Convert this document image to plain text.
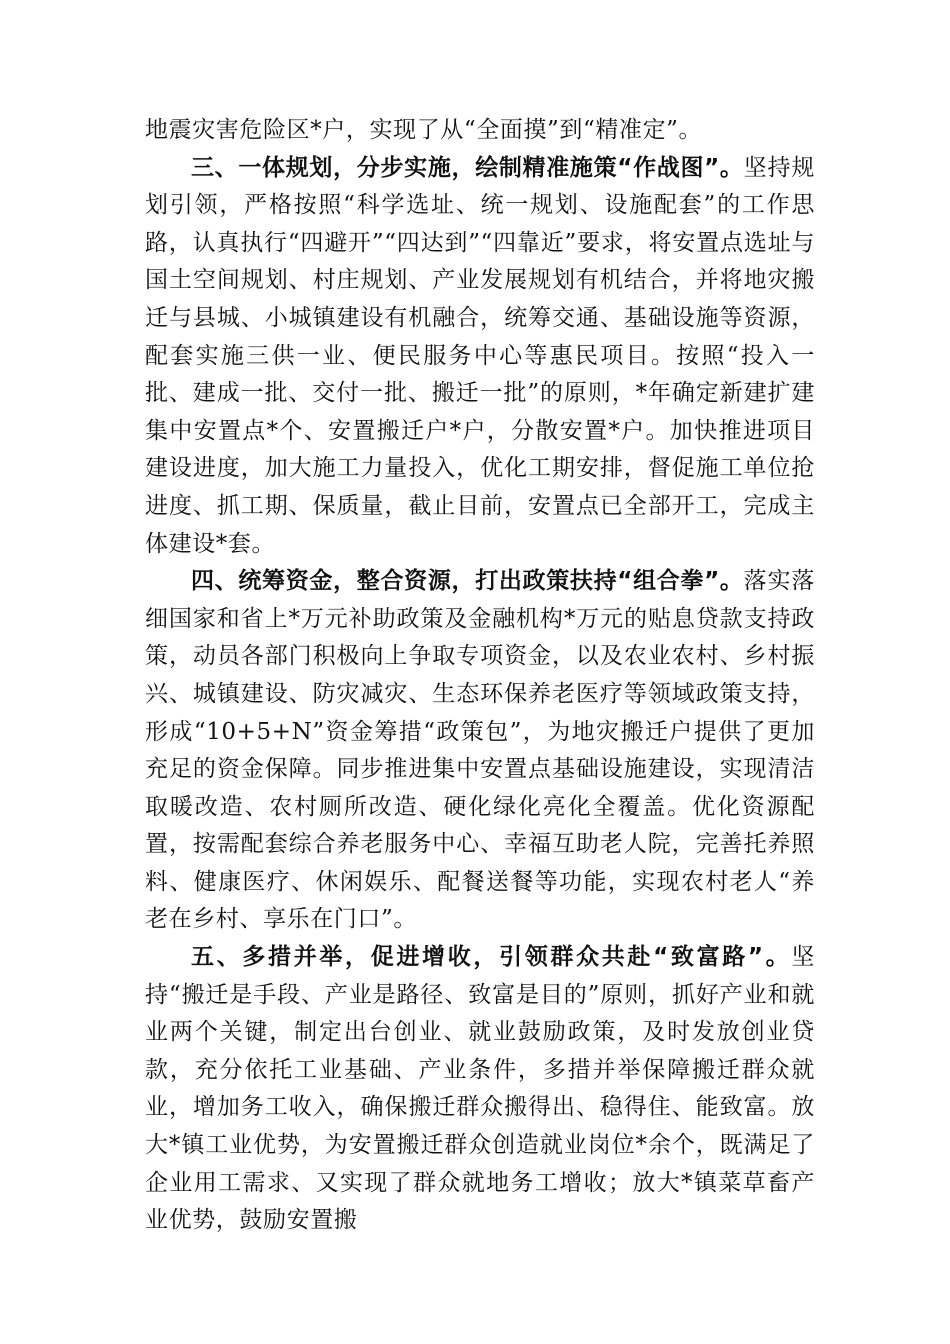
地震灾害危险区*户，实现了从“全面摸”到“精准定”。

三、一体规划，分步实施，绘制精准施策“作战图”。坚持规划引领，严格按照“科学选址、统一规划、设施配套”的工作思路，认真执行“四避开”“四达到”“四靠近”要求，将安置点选址与国土空间规划、村庄规划、产业发展规划有机结合，并将地灾搬迁与县城、小城镇建设有机融合，统筹交通、基础设施等资源，配套实施三供一业、便民服务中心等惠民项目。按照“投入一批、建成一批、交付一批、搬迁一批”的原则，*年确定新建扩建集中安置点*个、安置搬迁户*户，分散安置*户。加快推进项目建设进度，加大施工力量投入，优化工期安排，督促施工单位抢进度、抓工期、保质量，截止目前，安置点已全部开工，完成主体建设*套。

四、统筹资金，整合资源，打出政策扶持“组合拳”。落实落细国家和省上*万元补助政策及金融机构*万元的贴息贷款支持政策，动员各部门积极向上争取专项资金，以及农业农村、乡村振兴、城镇建设、防灾减灾、生态环保养老医疗等领域政策支持，形成“10+5+N”资金筹措“政策包”，为地灾搬迁户提供了更加充足的资金保障。同步推进集中安置点基础设施建设，实现清洁取暖改造、农村厕所改造、硬化绿化亮化全覆盖。优化资源配置，按需配套综合养老服务中心、幸福互助老人院，完善托养照料、健康医疗、休闲娱乐、配餐送餐等功能，实现农村老人“养老在乡村、享乐在门口”。

五、多措并举，促进增收，引领群众共赴“致富路”。坚持“搬迁是手段、产业是路径、致富是目的”原则，抓好产业和就业两个关键，制定出台创业、就业鼓励政策，及时发放创业贷款，充分依托工业基础、产业条件，多措并举保障搬迁群众就业，增加务工收入，确保搬迁群众搬得出、稳得住、能致富。放大*镇工业优势，为安置搬迁群众创造就业岗位*余个，既满足了企业用工需求、又实现了群众就地务工增收；放大*镇菜草畜产业优势，鼓励安置搬
